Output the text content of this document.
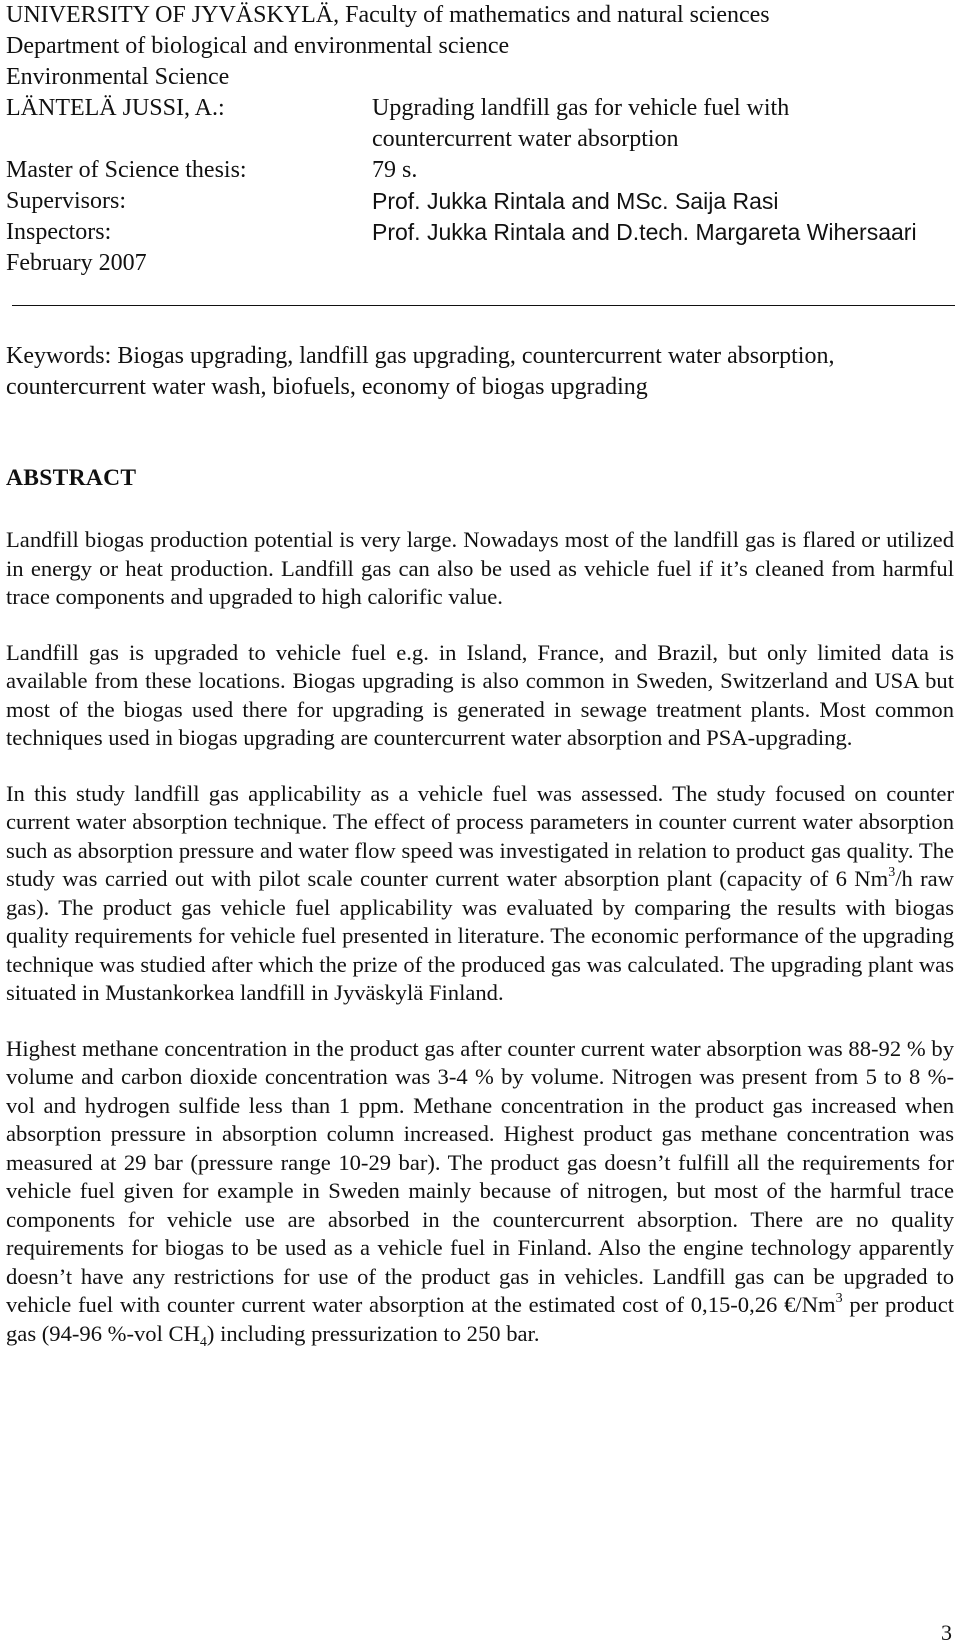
UNIVERSITY OF JYVÄSKYLÄ, Faculty of mathematics and natural sciences
Department of biological and environmental science
Environmental Science
LÄNTELÄ JUSSI, A.:	Upgrading landfill gas for vehicle fuel with
countercurrent water absorption
Master of Science thesis:	79 s.
Supervisors:	Prof. Jukka Rintala and MSc. Saija Rasi
Inspectors:	Prof. Jukka Rintala and D.tech. Margareta Wihersaari
February 2007
Keywords: Biogas upgrading, landfill gas upgrading, countercurrent water absorption, countercurrent water wash, biofuels, economy of biogas upgrading
ABSTRACT

Landfill biogas production potential is very large. Nowadays most of the landfill gas is flared or utilized in energy or heat production. Landfill gas can also be used as vehicle fuel if it’s cleaned from harmful trace components and upgraded to high calorific value.

Landfill gas is upgraded to vehicle fuel e.g. in Island, France, and Brazil, but only limited data is available from these locations. Biogas upgrading is also common in Sweden, Switzerland and USA but most of the biogas used there for upgrading is generated in sewage treatment plants. Most common techniques used in biogas upgrading are countercurrent water absorption and PSA-upgrading.

In this study landfill gas applicability as a vehicle fuel was assessed. The study focused on counter current water absorption technique. The effect of process parameters in counter current water absorption such as absorption pressure and water flow speed was investigated in relation to product gas quality. The study was carried out with pilot scale counter current water absorption plant (capacity of 6 Nm$^3$/h raw gas). The product gas vehicle fuel applicability was evaluated by comparing the results with biogas quality requirements for vehicle fuel presented in literature. The economic performance of the upgrading technique was studied after which the prize of the produced gas was calculated. The upgrading plant was situated in Mustankorkea landfill in Jyväskylä Finland.

Highest methane concentration in the product gas after counter current water absorption was 88-92 % by volume and carbon dioxide concentration was 3-4 % by volume. Nitrogen was present from 5 to 8 %-vol and hydrogen sulfide less than 1 ppm. Methane concentration in the product gas increased when absorption pressure in absorption column increased. Highest product gas methane concentration was measured at 29 bar (pressure range 10-29 bar). The product gas doesn’t fulfill all the requirements for vehicle fuel given for example in Sweden mainly because of nitrogen, but most of the harmful trace components for vehicle use are absorbed in the countercurrent absorption. There are no quality requirements for biogas to be used as a vehicle fuel in Finland. Also the engine technology apparently doesn’t have any restrictions for use of the product gas in vehicles. Landfill gas can be upgraded to vehicle fuel with counter current water absorption at the estimated cost of 0,15-0,26 €/Nm$^3$ per product gas (94-96 %-vol $CH_4$) including pressurization to 250 bar.

3
